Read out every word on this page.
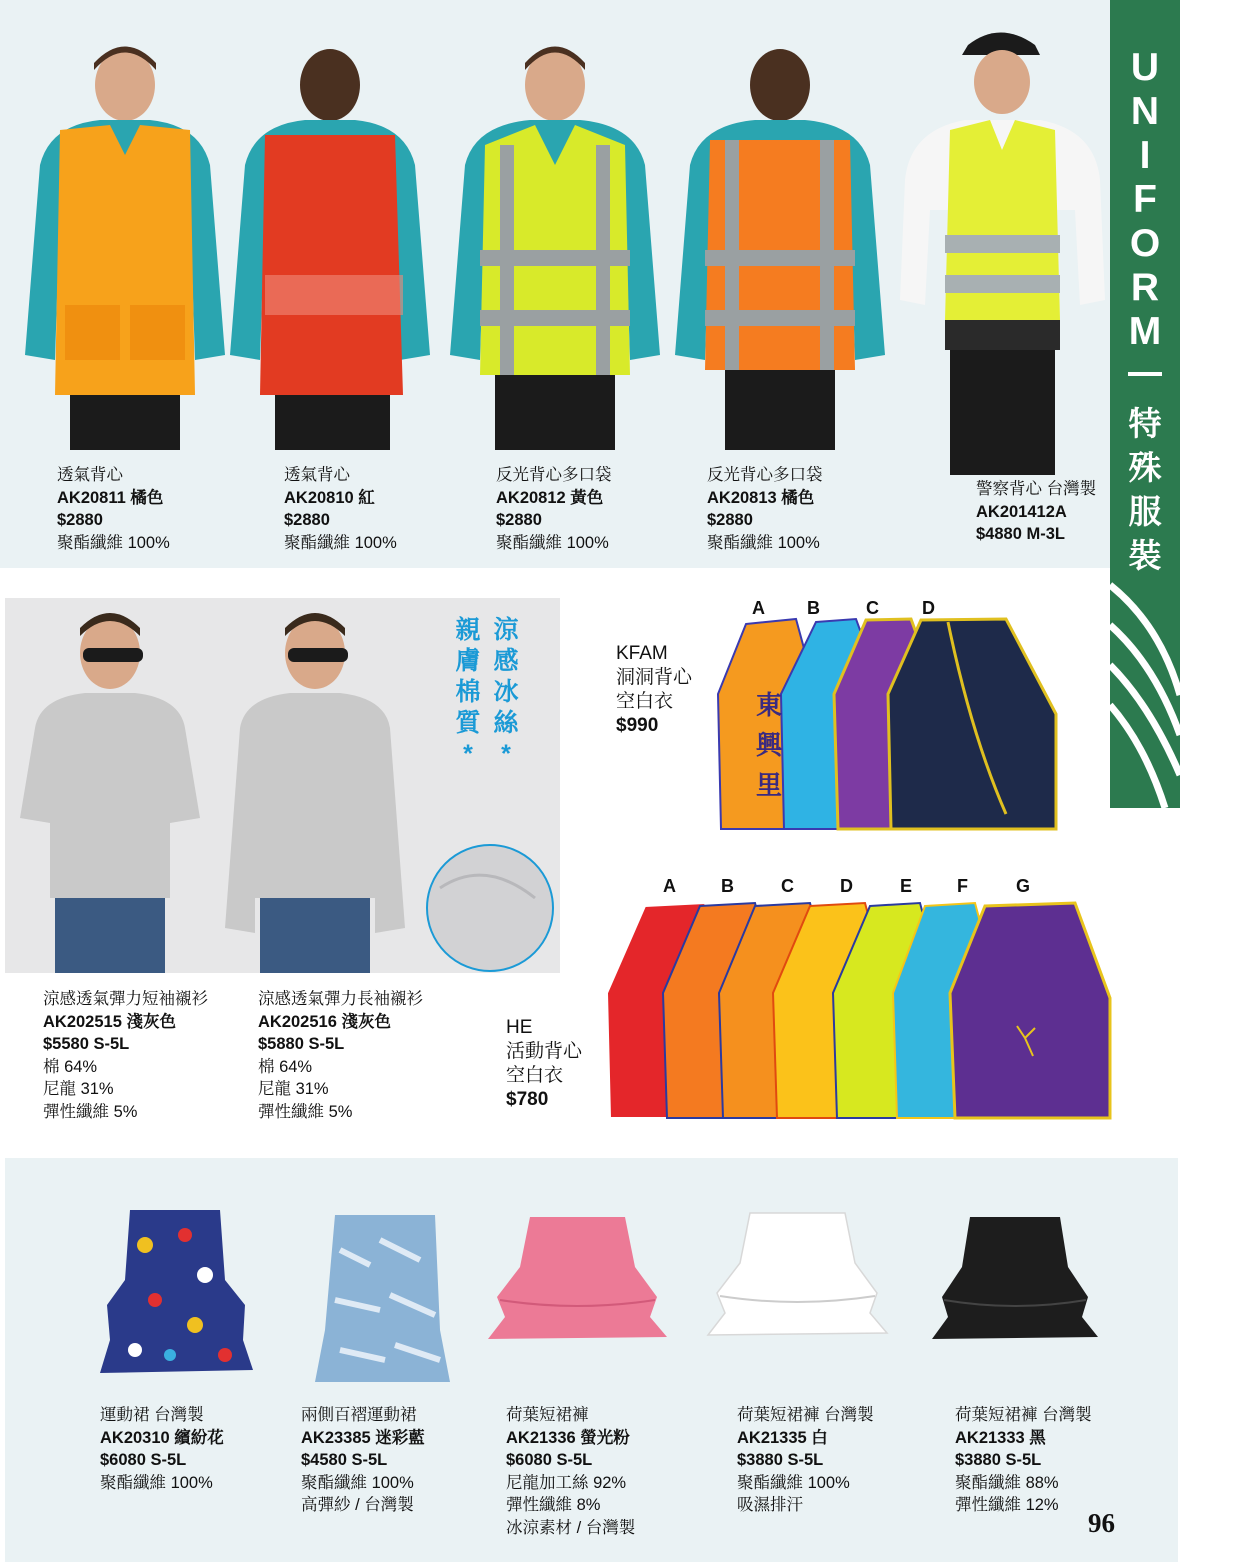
透氣背心
AK20811 橘色
$2880
聚酯纖維 100%
透氣背心
AK20810 紅
$2880
聚酯纖維 100%
反光背心多口袋
AK20812 黃色
$2880
聚酯纖維 100%
反光背心多口袋
AK20813 橘色
$2880
聚酯纖維 100%
警察背心 台灣製
AK201412A
$4880 M-3L
U
N
I
F
O
R
M
特
殊
服
裝
親
膚
棉
質
*
涼
感
冰
絲
*
涼感透氣彈力短袖襯衫
AK202515 淺灰色
$5580 S-5L
棉 64%
尼龍 31%
彈性纖維 5%
涼感透氣彈力長袖襯衫
AK202516 淺灰色
$5880 S-5L
棉 64%
尼龍 31%
彈性纖維 5%
KFAM
洞洞背心
空白衣
$990
A B	C D
東
興
里
A	B	C	D	E F	G
HE
活動背心
空白衣
$780
運動裙 台灣製
AK20310 繽紛花
$6080 S-5L
聚酯纖維 100%
兩側百褶運動裙
AK23385 迷彩藍
$4580 S-5L
聚酯纖維 100%
高彈紗 / 台灣製
荷葉短裙褲
AK21336 螢光粉
$6080 S-5L
尼龍加工絲 92%
彈性纖維 8%
冰涼素材 / 台灣製
荷葉短裙褲 台灣製
AK21335 白
$3880 S-5L
聚酯纖維 100%
吸濕排汗
荷葉短裙褲 台灣製
AK21333 黑
$3880 S-5L
聚酯纖維 88%
彈性纖維 12%
96
